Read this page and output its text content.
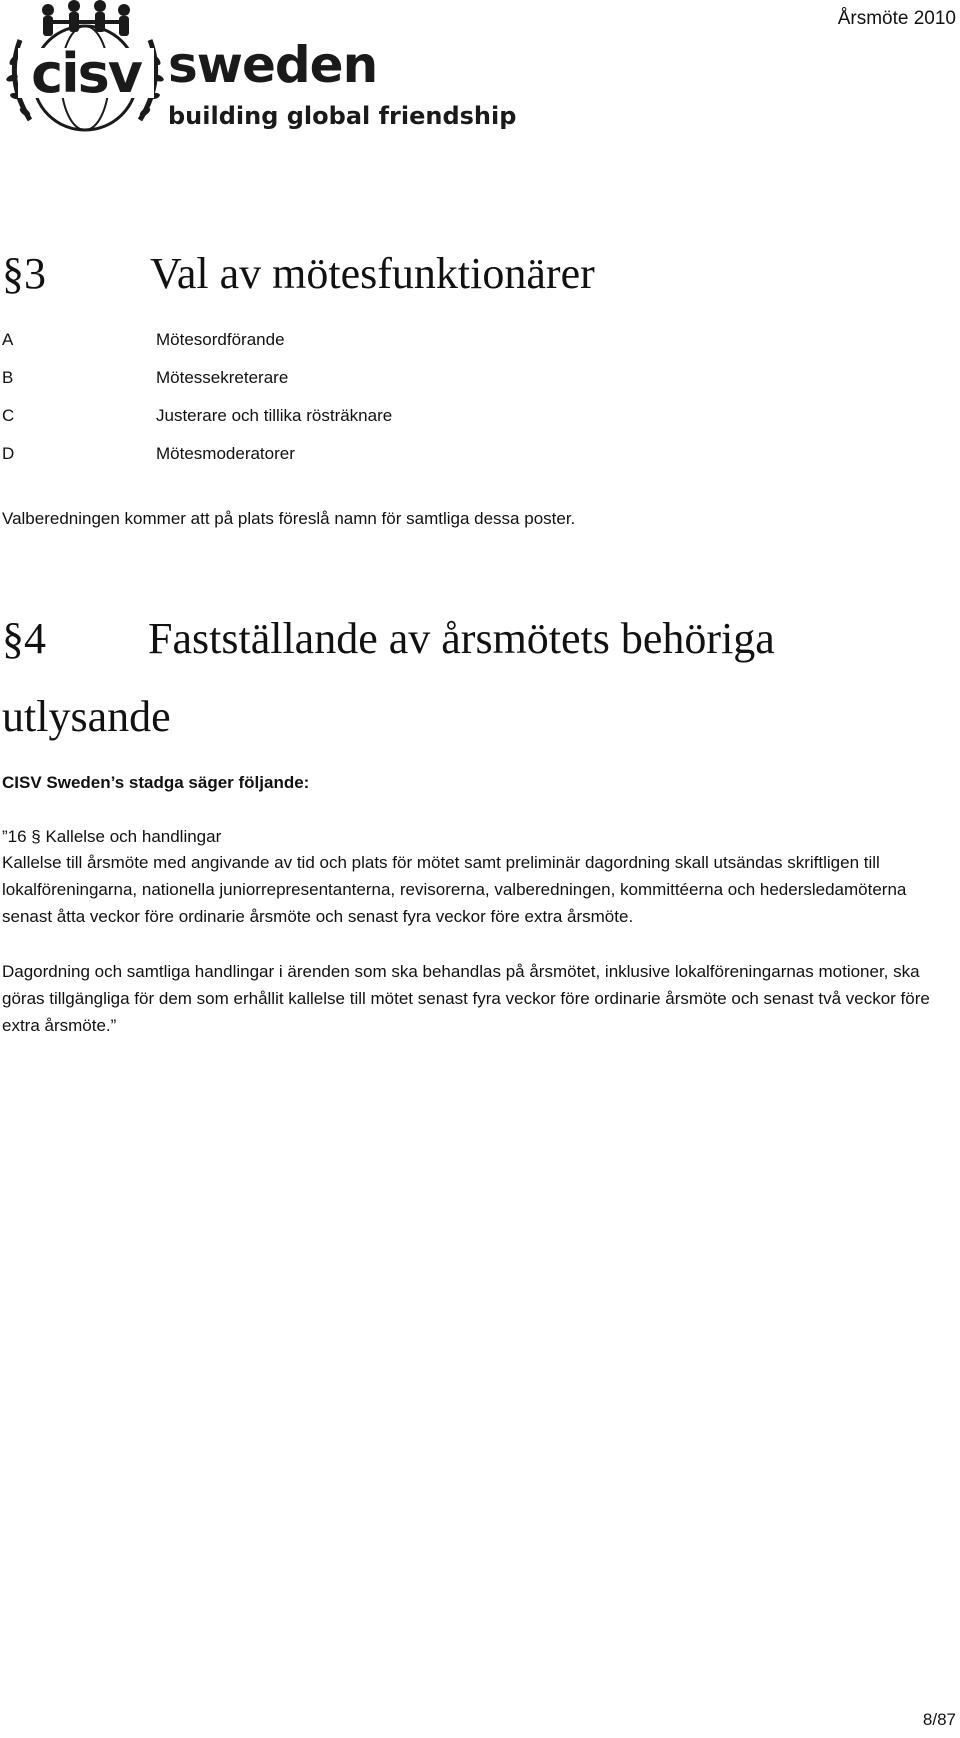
cisv sweden
building global friendship
Årsmöte 2010
§3 Val av mötesfunktionärer
A	Mötesordförande
B	Mötessekreterare
C	Justerare och tillika rösträknare
D	Mötesmoderatorer
Valberedningen kommer att på plats föreslå namn för samtliga dessa poster.
§4 Fastställande av årsmötets behöriga
utlysande
CISV Sweden’s stadga säger följande:
”16 § Kallelse och handlingar
Kallelse till årsmöte med angivande av tid och plats för mötet samt preliminär dagordning skall utsändas skriftligen till lokalföreningarna, nationella juniorrepresentanterna, revisorerna, valberedningen, kommittéerna och hedersledamöterna senast åtta veckor före ordinarie årsmöte och senast fyra veckor före extra årsmöte.
Dagordning och samtliga handlingar i ärenden som ska behandlas på årsmötet, inklusive lokalföreningarnas motioner, ska göras tillgängliga för dem som erhållit kallelse till mötet senast fyra veckor före ordinarie årsmöte och senast två veckor före extra årsmöte.”
8/87
